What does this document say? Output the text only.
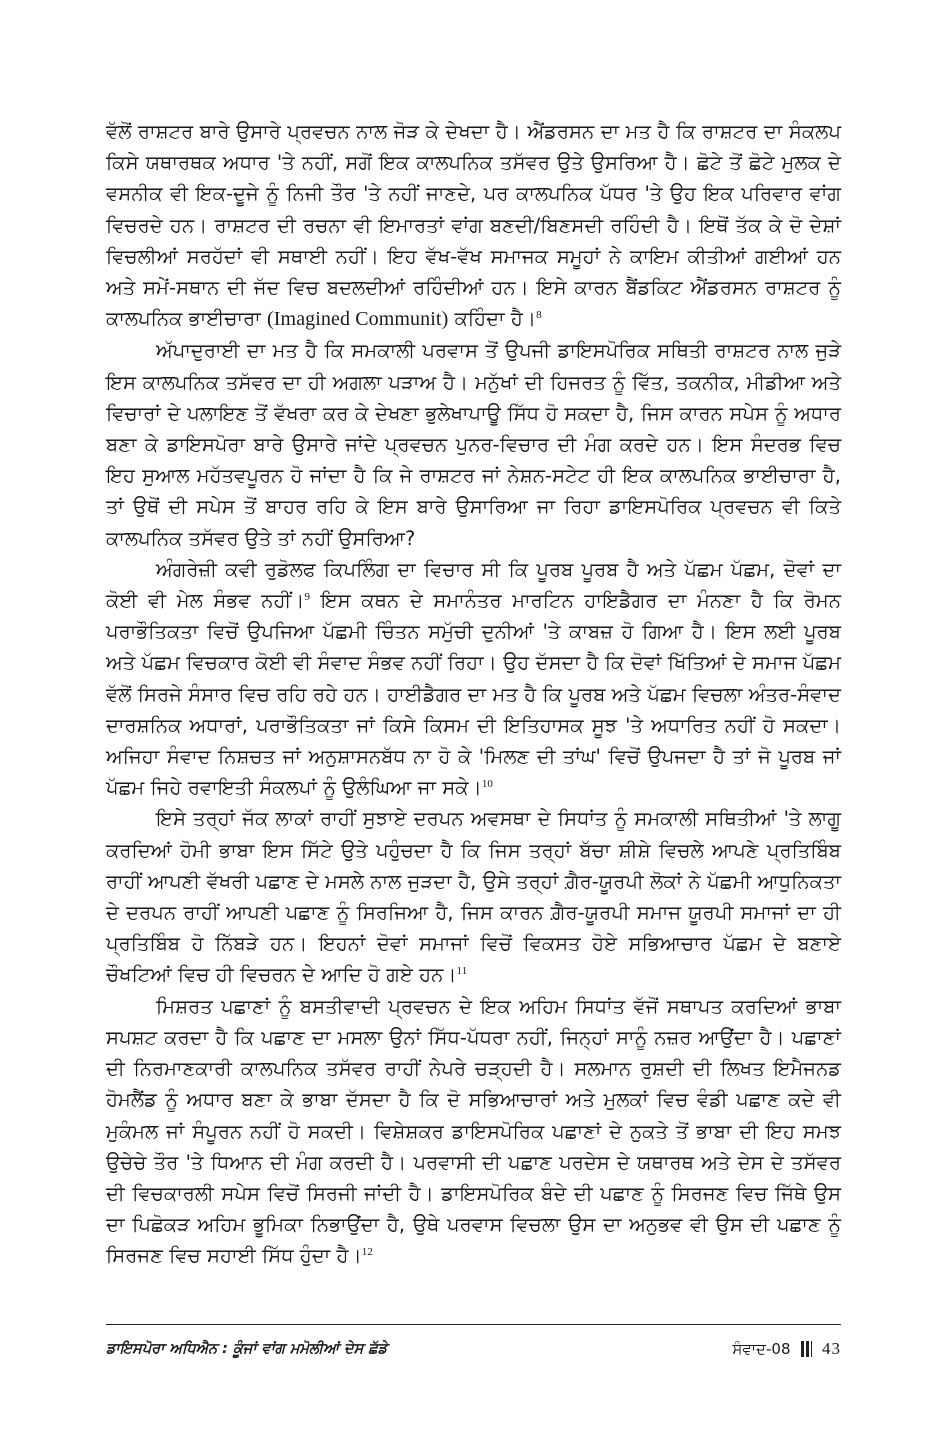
ਵੱਲੋਂ ਰਾਸ਼ਟਰ ਬਾਰੇ ਉਸਾਰੇ ਪ੍ਰਵਚਨ ਨਾਲ ਜੋੜ ਕੇ ਦੇਖਦਾ ਹੈ। ਐਂਡਰਸਨ ਦਾ ਮਤ ਹੈ ਕਿ ਰਾਸ਼ਟਰ ਦਾ ਸੰਕਲਪ ਕਿਸੇ ਯਥਾਰਥਕ ਅਧਾਰ 'ਤੇ ਨਹੀਂ, ਸਗੋਂ ਇਕ ਕਾਲਪਨਿਕ ਤਸੱਵਰ ਉਤੇ ਉਸਰਿਆ ਹੈ। ਛੋਟੇ ਤੋਂ ਛੋਟੇ ਮੁਲਕ ਦੇ ਵਸਨੀਕ ਵੀ ਇਕ-ਦੂਜੇ ਨੂੰ ਨਿਜੀ ਤੌਰ 'ਤੇ ਨਹੀਂ ਜਾਣਦੇ, ਪਰ ਕਾਲਪਨਿਕ ਪੱਧਰ 'ਤੇ ਉਹ ਇਕ ਪਰਿਵਾਰ ਵਾਂਗ ਵਿਚਰਦੇ ਹਨ। ਰਾਸ਼ਟਰ ਦੀ ਰਚਨਾ ਵੀ ਇਮਾਰਤਾਂ ਵਾਂਗ ਬਣਦੀ/ਬਿਣਸਦੀ ਰਹਿੰਦੀ ਹੈ। ਇਥੋਂ ਤੱਕ ਕੇ ਦੋ ਦੇਸ਼ਾਂ ਵਿਚਲੀਆਂ ਸਰਹੱਦਾਂ ਵੀ ਸਥਾਈ ਨਹੀਂ। ਇਹ ਵੱਖ-ਵੱਖ ਸਮਾਜਕ ਸਮੂਹਾਂ ਨੇ ਕਾਇਮ ਕੀਤੀਆਂ ਗਈਆਂ ਹਨ ਅਤੇ ਸਮੇਂ-ਸਥਾਨ ਦੀ ਜੱਦ ਵਿਚ ਬਦਲਦੀਆਂ ਰਹਿੰਦੀਆਂ ਹਨ। ਇਸੇ ਕਾਰਨ ਬੈਂਡਕਿਟ ਐਂਡਰਸਨ ਰਾਸ਼ਟਰ ਨੂੰ ਕਾਲਪਨਿਕ ਭਾਈਚਾਰਾ (Imagined Communit) ਕਹਿੰਦਾ ਹੈ।$^8$

ਅੱਪਾਦੁਰਾਈ ਦਾ ਮਤ ਹੈ ਕਿ ਸਮਕਾਲੀ ਪਰਵਾਸ ਤੋਂ ਉਪਜੀ ਡਾਇਸਪੋਰਿਕ ਸਥਿਤੀ ਰਾਸ਼ਟਰ ਨਾਲ ਜੁੜੇ ਇਸ ਕਾਲਪਨਿਕ ਤਸੱਵਰ ਦਾ ਹੀ ਅਗਲਾ ਪੜਾਅ ਹੈ। ਮਨੁੱਖਾਂ ਦੀ ਹਿਜਰਤ ਨੂੰ ਵਿੱਤ, ਤਕਨੀਕ, ਮੀਡੀਆ ਅਤੇ ਵਿਚਾਰਾਂ ਦੇ ਪਲਾਇਣ ਤੋਂ ਵੱਖਰਾ ਕਰ ਕੇ ਦੇਖਣਾ ਭੁਲੇਖਾਪਾਊ ਸਿੱਧ ਹੋ ਸਕਦਾ ਹੈ, ਜਿਸ ਕਾਰਨ ਸਪੇਸ ਨੂੰ ਅਧਾਰ ਬਣਾ ਕੇ ਡਾਇਸਪੋਰਾ ਬਾਰੇ ਉਸਾਰੇ ਜਾਂਦੇ ਪ੍ਰਵਚਨ ਪੁਨਰ-ਵਿਚਾਰ ਦੀ ਮੰਗ ਕਰਦੇ ਹਨ। ਇਸ ਸੰਦਰਭ ਵਿਚ ਇਹ ਸੁਆਲ ਮਹੱਤਵਪੂਰਨ ਹੋ ਜਾਂਦਾ ਹੈ ਕਿ ਜੇ ਰਾਸ਼ਟਰ ਜਾਂ ਨੇਸ਼ਨ-ਸਟੇਟ ਹੀ ਇਕ ਕਾਲਪਨਿਕ ਭਾਈਚਾਰਾ ਹੈ, ਤਾਂ ਉਥੋਂ ਦੀ ਸਪੇਸ ਤੋਂ ਬਾਹਰ ਰਹਿ ਕੇ ਇਸ ਬਾਰੇ ਉਸਾਰਿਆ ਜਾ ਰਿਹਾ ਡਾਇਸਪੋਰਿਕ ਪ੍ਰਵਚਨ ਵੀ ਕਿਤੇ ਕਾਲਪਨਿਕ ਤਸੱਵਰ ਉਤੇ ਤਾਂ ਨਹੀਂ ਉਸਰਿਆ?

ਅੰਗਰੇਜ਼ੀ ਕਵੀ ਰੁਡੋਲਫ ਕਿਪਲਿੰਗ ਦਾ ਵਿਚਾਰ ਸੀ ਕਿ ਪੂਰਬ ਪੂਰਬ ਹੈ ਅਤੇ ਪੱਛਮ ਪੱਛਮ, ਦੋਵਾਂ ਦਾ ਕੋਈ ਵੀ ਮੇਲ ਸੰਭਵ ਨਹੀਂ।$^9$ ਇਸ ਕਥਨ ਦੇ ਸਮਾਨੰਤਰ ਮਾਰਟਿਨ ਹਾਇਡੈਗਰ ਦਾ ਮੰਨਣਾ ਹੈ ਕਿ ਰੋਮਨ ਪਰਾਭੌਤਿਕਤਾ ਵਿਚੋਂ ਉਪਜਿਆ ਪੱਛਮੀ ਚਿੰਤਨ ਸਮੁੱਚੀ ਦੁਨੀਆਂ 'ਤੇ ਕਾਬਜ਼ ਹੋ ਗਿਆ ਹੈ। ਇਸ ਲਈ ਪੂਰਬ ਅਤੇ ਪੱਛਮ ਵਿਚਕਾਰ ਕੋਈ ਵੀ ਸੰਵਾਦ ਸੰਭਵ ਨਹੀਂ ਰਿਹਾ। ਉਹ ਦੱਸਦਾ ਹੈ ਕਿ ਦੋਵਾਂ ਖਿੱਤਿਆਂ ਦੇ ਸਮਾਜ ਪੱਛਮ ਵੱਲੋਂ ਸਿਰਜੇ ਸੰਸਾਰ ਵਿਚ ਰਹਿ ਰਹੇ ਹਨ। ਹਾਈਡੈਗਰ ਦਾ ਮਤ ਹੈ ਕਿ ਪੂਰਬ ਅਤੇ ਪੱਛਮ ਵਿਚਲਾ ਅੰਤਰ-ਸੰਵਾਦ ਦਾਰਸ਼ਨਿਕ ਅਧਾਰਾਂ, ਪਰਾਭੌਤਿਕਤਾ ਜਾਂ ਕਿਸੇ ਕਿਸਮ ਦੀ ਇਤਿਹਾਸਕ ਸੂਝ 'ਤੇ ਅਧਾਰਿਤ ਨਹੀਂ ਹੋ ਸਕਦਾ। ਅਜਿਹਾ ਸੰਵਾਦ ਨਿਸ਼ਚਤ ਜਾਂ ਅਨੁਸ਼ਾਸਨਬੱਧ ਨਾ ਹੋ ਕੇ 'ਮਿਲਣ ਦੀ ਤਾਂਘ' ਵਿਚੋਂ ਉਪਜਦਾ ਹੈ ਤਾਂ ਜੋ ਪੂਰਬ ਜਾਂ ਪੱਛਮ ਜਿਹੇ ਰਵਾਇਤੀ ਸੰਕਲਪਾਂ ਨੂੰ ਉਲੰਘਿਆ ਜਾ ਸਕੇ।$^{10}$

ਇਸੇ ਤਰ੍ਹਾਂ ਜੱਕ ਲਾਕਾਂ ਰਾਹੀਂ ਸੁਝਾਏ ਦਰਪਨ ਅਵਸਥਾ ਦੇ ਸਿਧਾਂਤ ਨੂੰ ਸਮਕਾਲੀ ਸਥਿਤੀਆਂ 'ਤੇ ਲਾਗੂ ਕਰਦਿਆਂ ਹੋਮੀ ਭਾਬਾ ਇਸ ਸਿੱਟੇ ਉਤੇ ਪਹੁੰਚਦਾ ਹੈ ਕਿ ਜਿਸ ਤਰ੍ਹਾਂ ਬੱਚਾ ਸ਼ੀਸ਼ੇ ਵਿਚਲੇ ਆਪਣੇ ਪ੍ਰਤਿਬਿੰਬ ਰਾਹੀਂ ਆਪਣੀ ਵੱਖਰੀ ਪਛਾਣ ਦੇ ਮਸਲੇ ਨਾਲ ਜੁੜਦਾ ਹੈ, ਉਸੇ ਤਰ੍ਹਾਂ ਗ਼ੈਰ-ਯੂਰਪੀ ਲੋਕਾਂ ਨੇ ਪੱਛਮੀ ਆਧੁਨਿਕਤਾ ਦੇ ਦਰਪਨ ਰਾਹੀਂ ਆਪਣੀ ਪਛਾਣ ਨੂੰ ਸਿਰਜਿਆ ਹੈ, ਜਿਸ ਕਾਰਨ ਗ਼ੈਰ-ਯੂਰਪੀ ਸਮਾਜ ਯੂਰਪੀ ਸਮਾਜਾਂ ਦਾ ਹੀ ਪ੍ਰਤਿਬਿੰਬ ਹੋ ਨਿੱਬੜੇ ਹਨ। ਇਹਨਾਂ ਦੋਵਾਂ ਸਮਾਜਾਂ ਵਿਚੋਂ ਵਿਕਸਤ ਹੋਏ ਸਭਿਆਚਾਰ ਪੱਛਮ ਦੇ ਬਣਾਏ ਚੌਖਟਿਆਂ ਵਿਚ ਹੀ ਵਿਚਰਨ ਦੇ ਆਦਿ ਹੋ ਗਏ ਹਨ।$^{11}$

ਮਿਸ਼ਰਤ ਪਛਾਣਾਂ ਨੂੰ ਬਸਤੀਵਾਦੀ ਪ੍ਰਵਚਨ ਦੇ ਇਕ ਅਹਿਮ ਸਿਧਾਂਤ ਵੱਜੋਂ ਸਥਾਪਤ ਕਰਦਿਆਂ ਭਾਬਾ ਸਪਸ਼ਟ ਕਰਦਾ ਹੈ ਕਿ ਪਛਾਣ ਦਾ ਮਸਲਾ ਉਨਾਂ ਸਿੱਧ-ਪੱਧਰਾ ਨਹੀਂ, ਜਿਨ੍ਹਾਂ ਸਾਨੂੰ ਨਜ਼ਰ ਆਉਂਦਾ ਹੈ। ਪਛਾਣਾਂ ਦੀ ਨਿਰਮਾਣਕਾਰੀ ਕਾਲਪਨਿਕ ਤਸੱਵਰ ਰਾਹੀਂ ਨੇਪਰੇ ਚੜ੍ਹਦੀ ਹੈ। ਸਲਮਾਨ ਰੁਸ਼ਦੀ ਦੀ ਲਿਖਤ ਇਮੈਜਨਡ ਹੋਮਲੈਂਡ ਨੂੰ ਅਧਾਰ ਬਣਾ ਕੇ ਭਾਬਾ ਦੱਸਦਾ ਹੈ ਕਿ ਦੋ ਸਭਿਆਚਾਰਾਂ ਅਤੇ ਮੁਲਕਾਂ ਵਿਚ ਵੰਡੀ ਪਛਾਣ ਕਦੇ ਵੀ ਮੁਕੰਮਲ ਜਾਂ ਸੰਪੂਰਨ ਨਹੀਂ ਹੋ ਸਕਦੀ। ਵਿਸ਼ੇਸ਼ਕਰ ਡਾਇਸਪੋਰਿਕ ਪਛਾਣਾਂ ਦੇ ਨੁਕਤੇ ਤੋਂ ਭਾਬਾ ਦੀ ਇਹ ਸਮਝ ਉਚੇਚੇ ਤੌਰ 'ਤੇ ਧਿਆਨ ਦੀ ਮੰਗ ਕਰਦੀ ਹੈ। ਪਰਵਾਸੀ ਦੀ ਪਛਾਣ ਪਰਦੇਸ ਦੇ ਯਥਾਰਥ ਅਤੇ ਦੇਸ ਦੇ ਤਸੱਵਰ ਦੀ ਵਿਚਕਾਰਲੀ ਸਪੇਸ ਵਿਚੋਂ ਸਿਰਜੀ ਜਾਂਦੀ ਹੈ। ਡਾਇਸਪੋਰਿਕ ਬੰਦੇ ਦੀ ਪਛਾਣ ਨੂੰ ਸਿਰਜਣ ਵਿਚ ਜਿੱਥੇ ਉਸ ਦਾ ਪਿਛੋਕੜ ਅਹਿਮ ਭੂਮਿਕਾ ਨਿਭਾਉਂਦਾ ਹੈ, ਉਥੇ ਪਰਵਾਸ ਵਿਚਲਾ ਉਸ ਦਾ ਅਨੁਭਵ ਵੀ ਉਸ ਦੀ ਪਛਾਣ ਨੂੰ ਸਿਰਜਣ ਵਿਚ ਸਹਾਈ ਸਿੱਧ ਹੁੰਦਾ ਹੈ।$^{12}$

ਡਾਇਸਪੋਰਾ ਅਧਿਐਨ : ਕੂੰਜਾਂ ਵਾਂਗ ਮਮੋਲੀਆਂ ਦੇਸ ਛੱਡੇ	ਸੰਵਾਦ-08 43
